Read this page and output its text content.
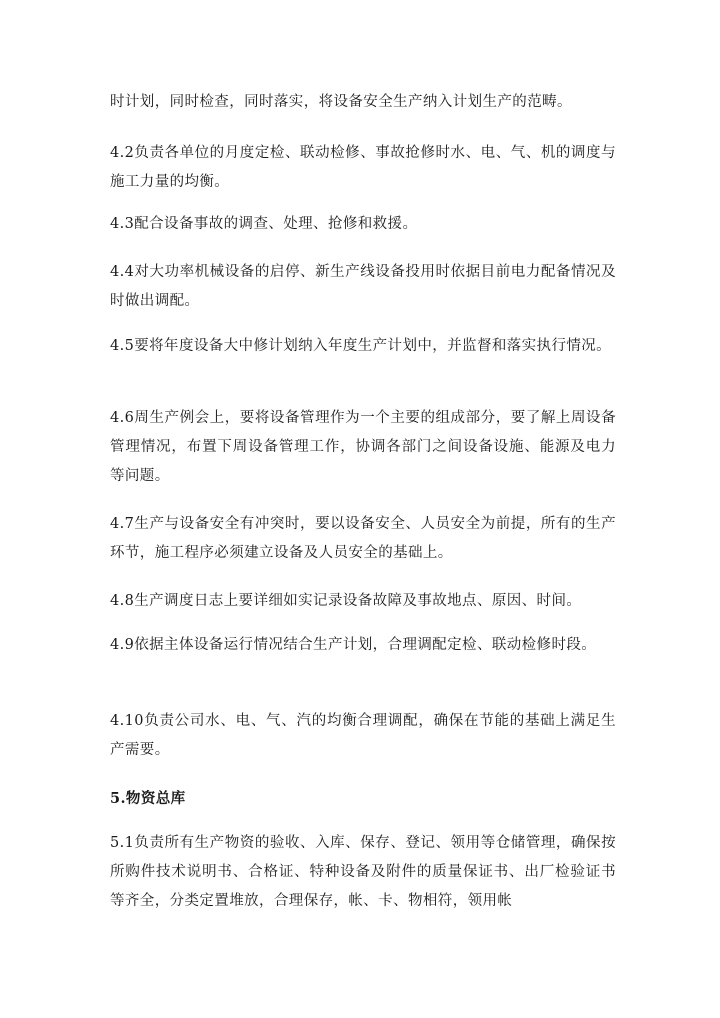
时计划，同时检查，同时落实，将设备安全生产纳入计划生产的范畴。

4.2负责各单位的月度定检、联动检修、事故抢修时水、电、气、机的调度与施工力量的均衡。

4.3配合设备事故的调查、处理、抢修和救援。

4.4对大功率机械设备的启停、新生产线设备投用时依据目前电力配备情况及时做出调配。

4.5要将年度设备大中修计划纳入年度生产计划中，并监督和落实执行情况。

4.6周生产例会上，要将设备管理作为一个主要的组成部分，要了解上周设备管理情况，布置下周设备管理工作，协调各部门之间设备设施、能源及电力等问题。

4.7生产与设备安全有冲突时，要以设备安全、人员安全为前提，所有的生产环节，施工程序必须建立设备及人员安全的基础上。

4.8生产调度日志上要详细如实记录设备故障及事故地点、原因、时间。

4.9依据主体设备运行情况结合生产计划，合理调配定检、联动检修时段。

4.10负责公司水、电、气、汽的均衡合理调配，确保在节能的基础上满足生产需要。

5.物资总库

5.1负责所有生产物资的验收、入库、保存、登记、领用等仓储管理，确保按所购件技术说明书、合格证、特种设备及附件的质量保证书、出厂检验证书等齐全，分类定置堆放，合理保存，帐、卡、物相符，领用帐
